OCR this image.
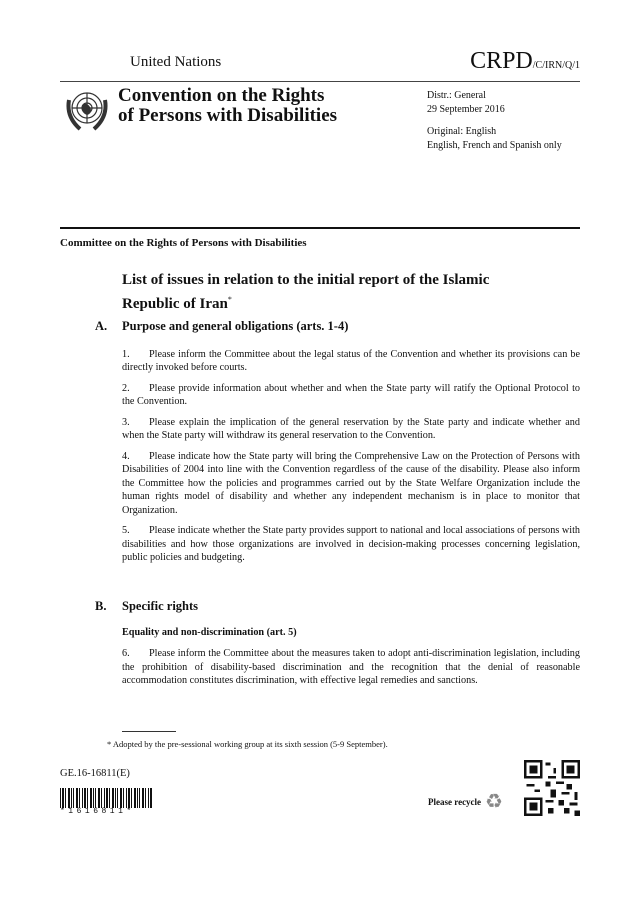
United Nations	CRPD/C/IRN/Q/1
Convention on the Rights
of Persons with Disabilities

Distr.: General
29 September 2016

Original: English
English, French and Spanish only

Committee on the Rights of Persons with Disabilities
List of issues in relation to the initial report of the Islamic Republic of Iran*
A. Purpose and general obligations (arts. 1-4)

1. Please inform the Committee about the legal status of the Convention and whether its provisions can be directly invoked before courts.

2. Please provide information about whether and when the State party will ratify the Optional Protocol to the Convention.

3. Please explain the implication of the general reservation by the State party and indicate whether and when the State party will withdraw its general reservation to the Convention.

4. Please indicate how the State party will bring the Comprehensive Law on the Protection of Persons with Disabilities of 2004 into line with the Convention regardless of the cause of the disability. Please also inform the Committee how the policies and programmes carried out by the State Welfare Organization include the human rights model of disability and whether any independent mechanism is in place to monitor that Organization.

5. Please indicate whether the State party provides support to national and local associations of persons with disabilities and how those organizations are involved in decision-making processes concerning legislation, public policies and budgeting.

B. Specific rights
Equality and non-discrimination (art. 5)

6. Please inform the Committee about the measures taken to adopt anti-discrimination legislation, including the prohibition of disability-based discrimination and the recognition that the denial of reasonable accommodation constitutes discrimination, with effective legal remedies and sanctions.

* Adopted by the pre-sessional working group at its sixth session (5-9 September).
GE.16-16811(E)
*1616811*
Please recycle ♻
